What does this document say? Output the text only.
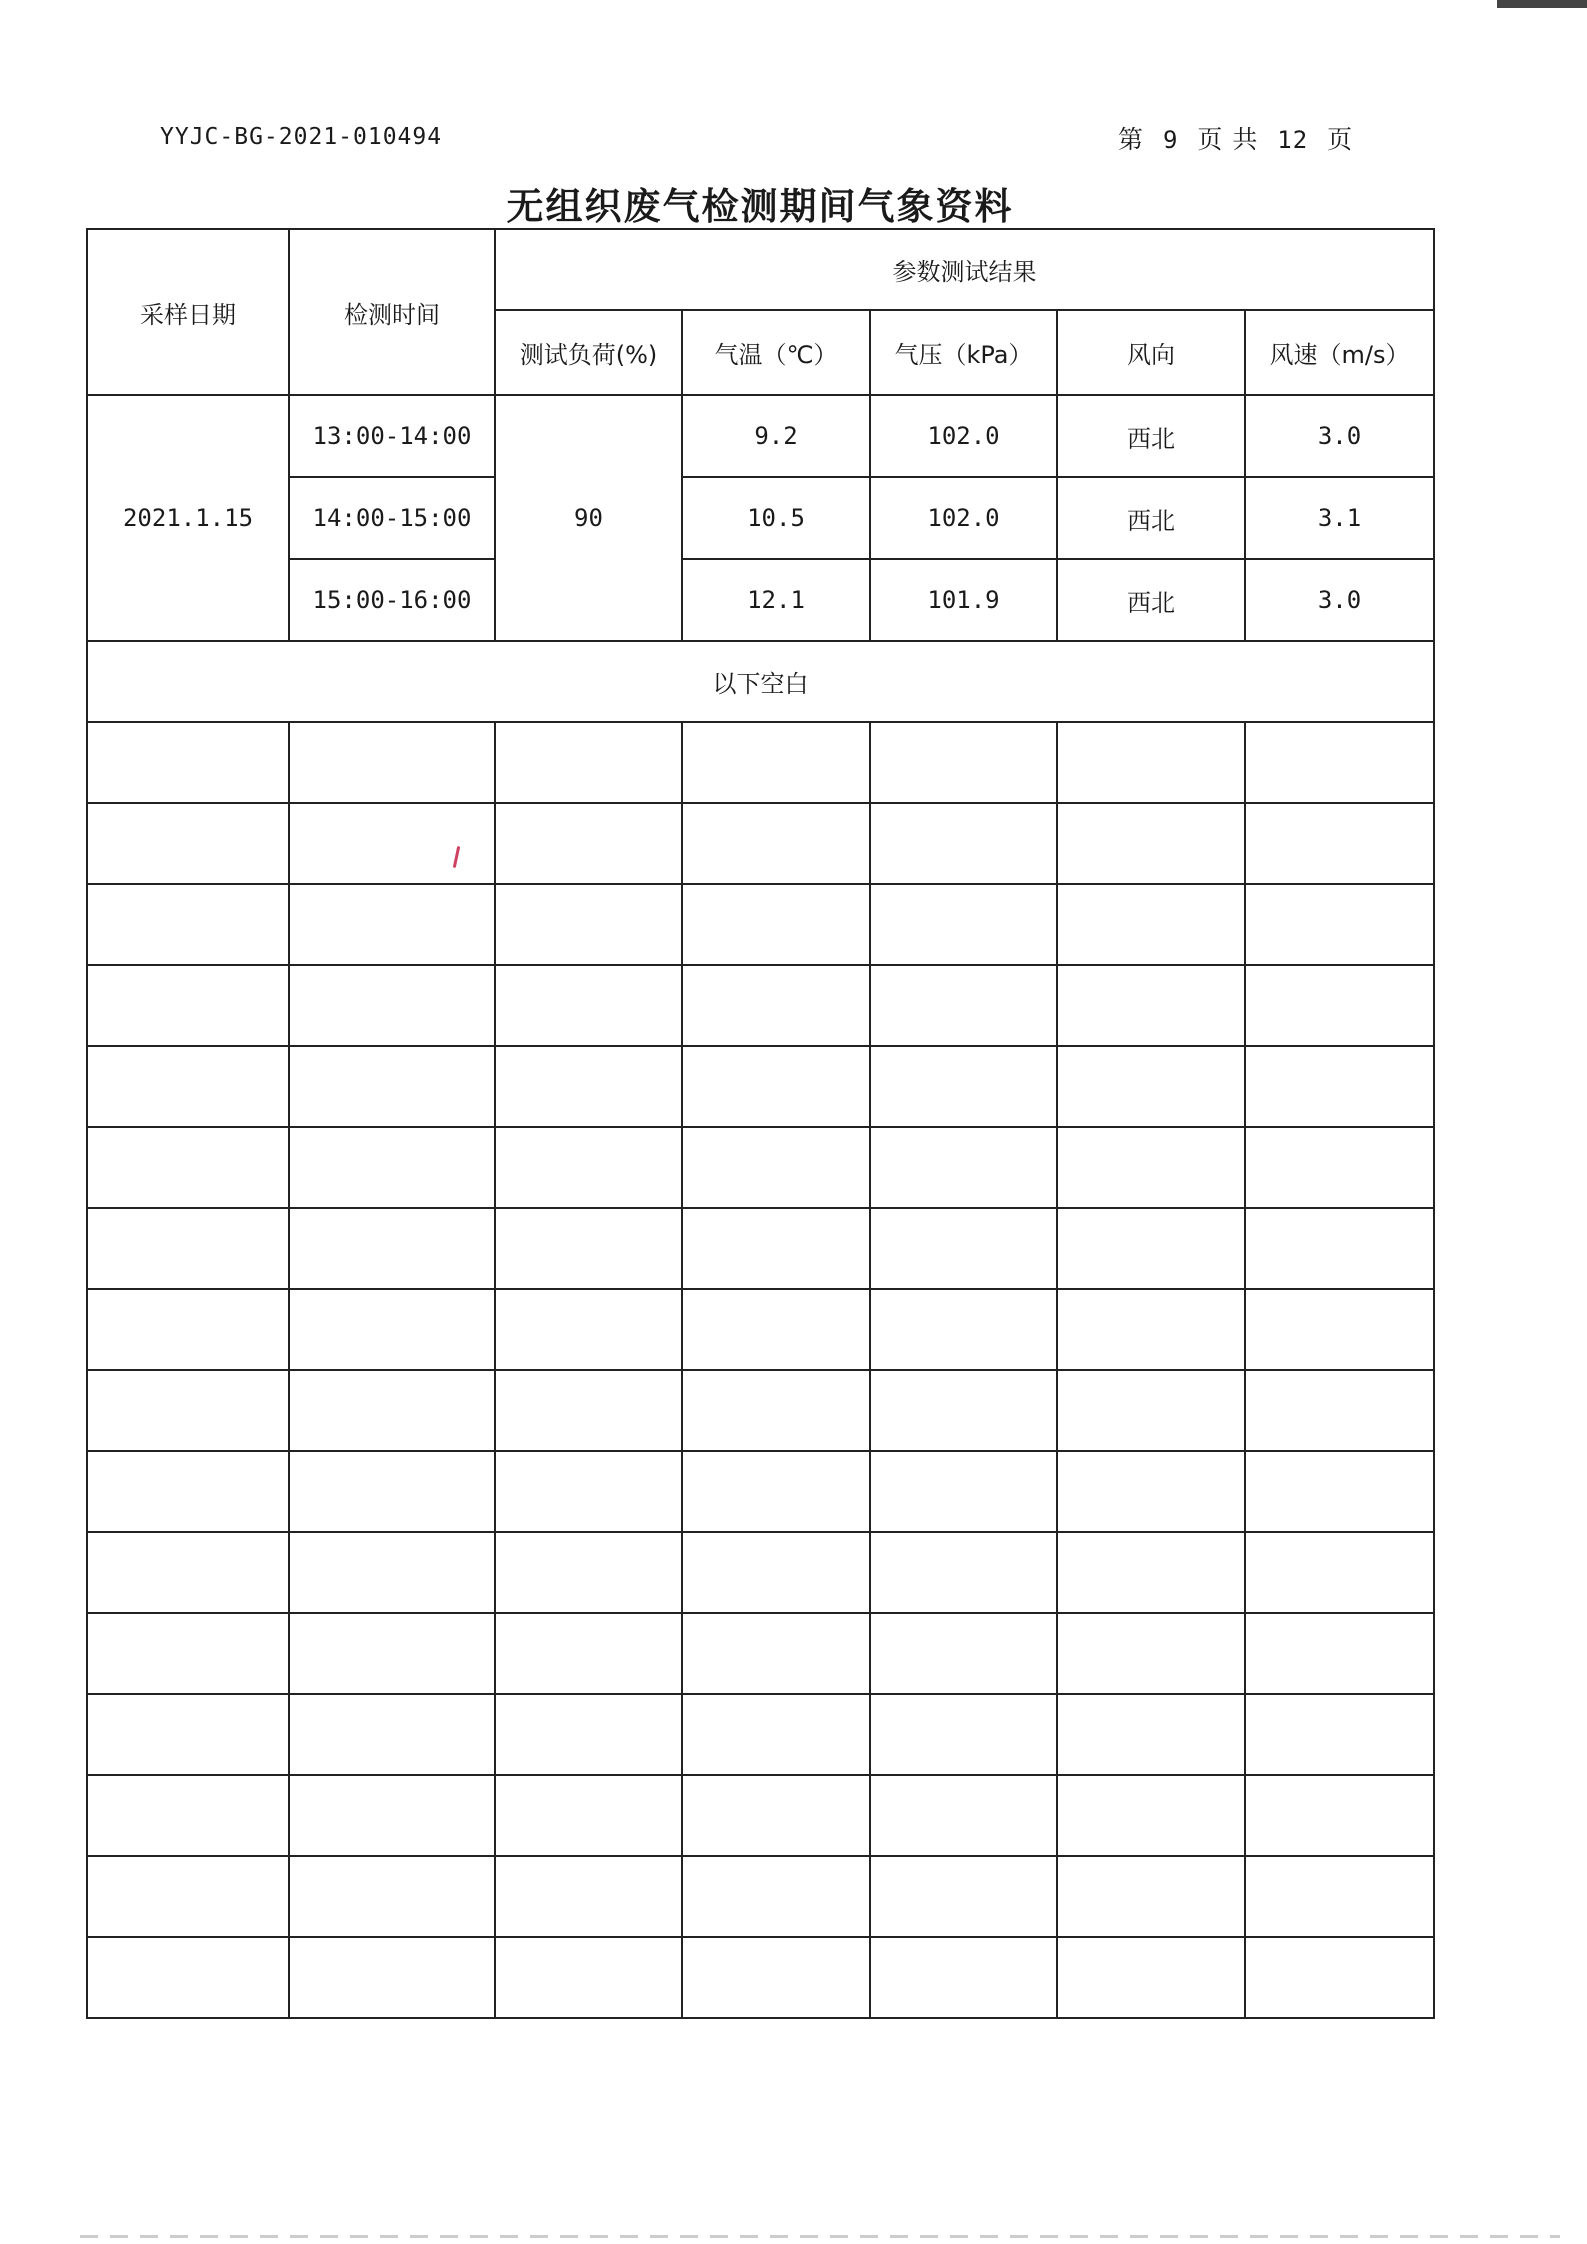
YYJC-BG-2021-010494	第 9 页 共 12 页
无组织废气检测期间气象资料
采样日期	检测时间	参数测试结果				
		测试负荷(%)	气温（℃）	气压（kPa）	风向	风速（m/s）
2021.1.15	13:00-14:00	90	9.2	102.0	西北	3.0
	14:00-15:00		10.5	102.0	西北	3.1
	15:00-16:00		12.1	101.9	西北	3.0
以下空白						
